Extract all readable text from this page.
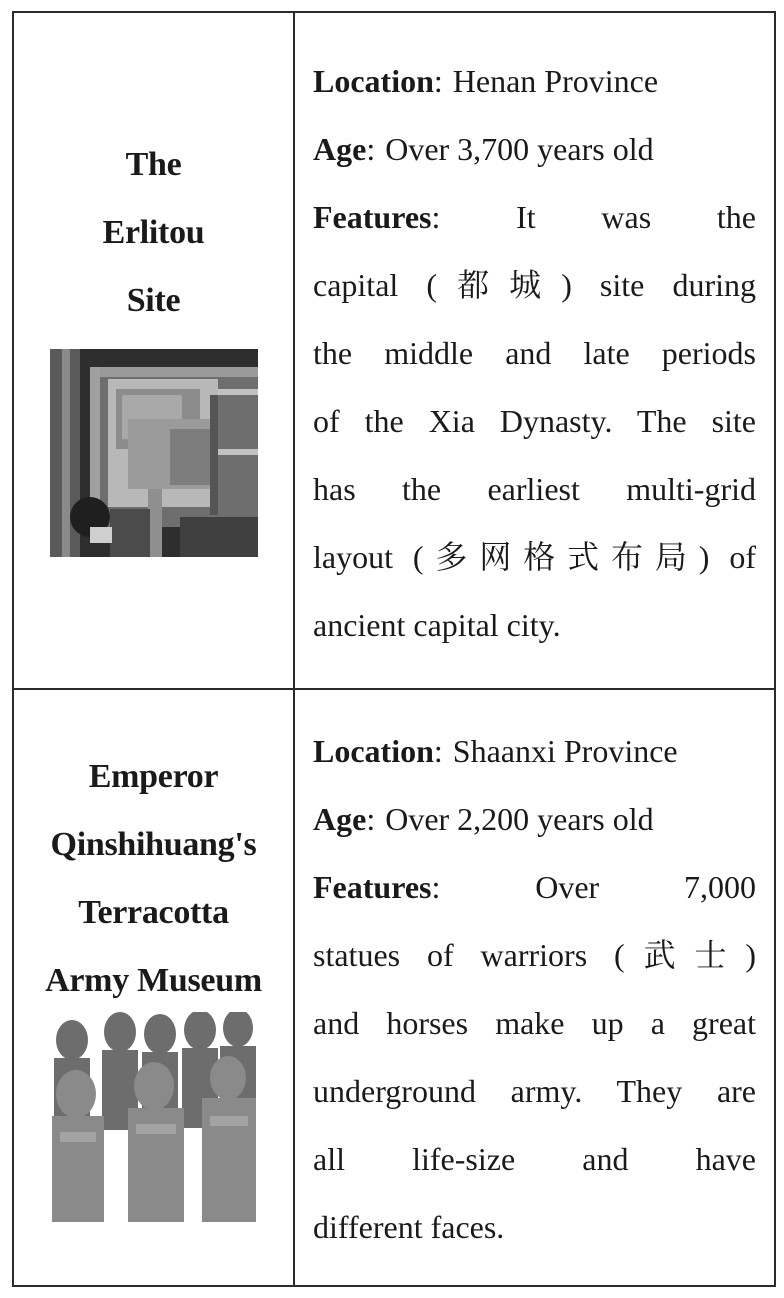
The
Erlitou
Site
Location: Henan Province
Age: Over 3,700 years old
Features: It was the
capital (都城) site during
the middle and late periods
of the Xia Dynasty. The site
has the earliest multi-grid
layout (多网格式布局) of
ancient capital city.
Emperor
Qinshihuang's
Terracotta
Army Museum
Location: Shaanxi Province
Age: Over 2,200 years old
Features:	Over 7,000
statues of warriors (武士)
and horses make up a great
underground army. They are
all life-size and have
different faces.
